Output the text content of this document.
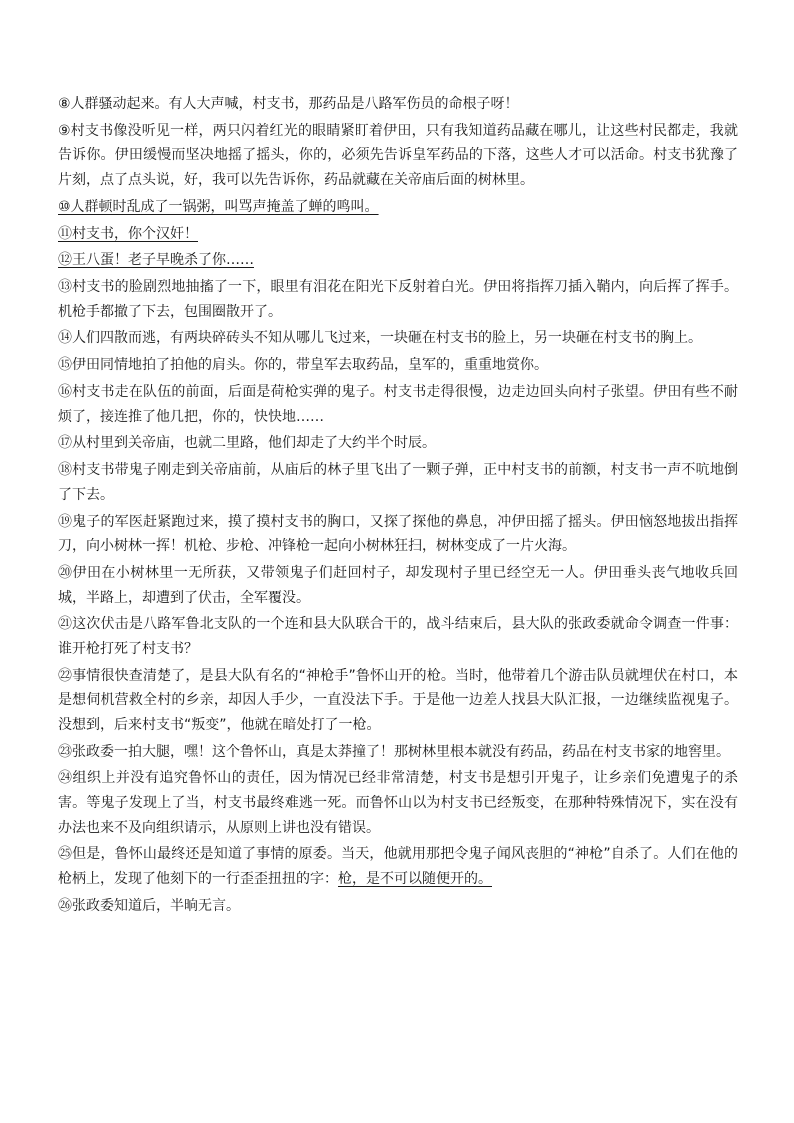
⑧人群骚动起来。有人大声喊，村支书，那药品是八路军伤员的命根子呀！

⑨村支书像没听见一样，两只闪着红光的眼睛紧盯着伊田，只有我知道药品藏在哪儿，让这些村民都走，我就告诉你。伊田缓慢而坚决地摇了摇头，你的，必须先告诉皇军药品的下落，这些人才可以活命。村支书犹豫了片刻，点了点头说，好，我可以先告诉你，药品就藏在关帝庙后面的树林里。

⑩人群顿时乱成了一锅粥，叫骂声掩盖了蝉的鸣叫。

⑪村支书，你个汉奸！

⑫王八蛋！老子早晚杀了你……

⑬村支书的脸剧烈地抽搐了一下，眼里有泪花在阳光下反射着白光。伊田将指挥刀插入鞘内，向后挥了挥手。机枪手都撤了下去，包围圈散开了。

⑭人们四散而逃，有两块碎砖头不知从哪儿飞过来，一块砸在村支书的脸上，另一块砸在村支书的胸上。

⑮伊田同情地拍了拍他的肩头。你的，带皇军去取药品，皇军的，重重地赏你。

⑯村支书走在队伍的前面，后面是荷枪实弹的鬼子。村支书走得很慢，边走边回头向村子张望。伊田有些不耐烦了，接连推了他几把，你的，快快地……

⑰从村里到关帝庙，也就二里路，他们却走了大约半个时辰。

⑱村支书带鬼子刚走到关帝庙前，从庙后的林子里飞出了一颗子弹，正中村支书的前额，村支书一声不吭地倒了下去。

⑲鬼子的军医赶紧跑过来，摸了摸村支书的胸口，又探了探他的鼻息，冲伊田摇了摇头。伊田恼怒地拔出指挥刀，向小树林一挥！机枪、步枪、冲锋枪一起向小树林狂扫，树林变成了一片火海。

⑳伊田在小树林里一无所获，又带领鬼子们赶回村子，却发现村子里已经空无一人。伊田垂头丧气地收兵回城，半路上，却遭到了伏击，全军覆没。

㉑这次伏击是八路军鲁北支队的一个连和县大队联合干的，战斗结束后，县大队的张政委就命令调查一件事：谁开枪打死了村支书？

㉒事情很快查清楚了，是县大队有名的“神枪手”鲁怀山开的枪。当时，他带着几个游击队员就埋伏在村口，本是想伺机营救全村的乡亲，却因人手少，一直没法下手。于是他一边差人找县大队汇报，一边继续监视鬼子。没想到，后来村支书“叛变”，他就在暗处打了一枪。

㉓张政委一拍大腿，嘿！这个鲁怀山，真是太莽撞了！那树林里根本就没有药品，药品在村支书家的地窖里。

㉔组织上并没有追究鲁怀山的责任，因为情况已经非常清楚，村支书是想引开鬼子，让乡亲们免遭鬼子的杀害。等鬼子发现上了当，村支书最终难逃一死。而鲁怀山以为村支书已经叛变，在那种特殊情况下，实在没有办法也来不及向组织请示，从原则上讲也没有错误。

㉕但是，鲁怀山最终还是知道了事情的原委。当天，他就用那把令鬼子闻风丧胆的“神枪”自杀了。人们在他的枪柄上，发现了他刻下的一行歪歪扭扭的字：枪，是不可以随便开的。

㉖张政委知道后，半晌无言。
